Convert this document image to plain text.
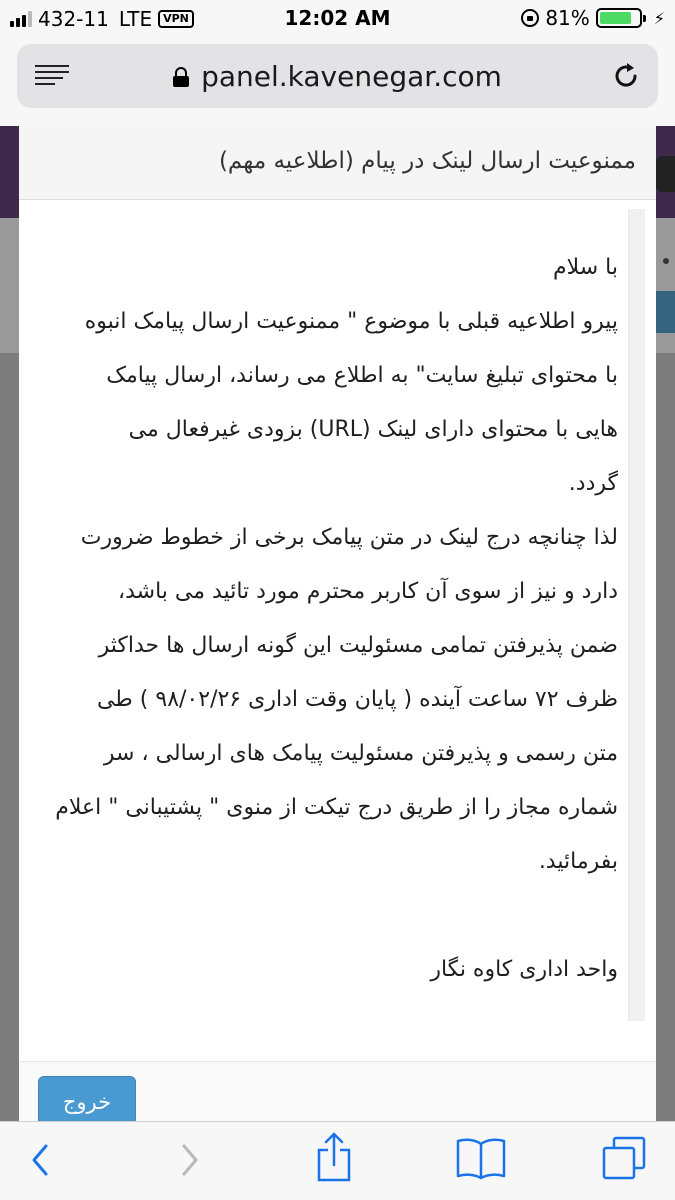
432-11 LTE	VPN	12:02 AM	81%	⚡
panel.kavenegar.com
ممنوعیت ارسال لینک در پیام (اطلاعیه مهم)
با سلام
پیرو اطلاعیه قبلی با موضوع " ممنوعیت ارسال پیامک انبوه
با محتوای تبلیغ سایت" به اطلاع می رساند، ارسال پیامک
هایی با محتوای دارای لینک (URL) بزودی غیرفعال می
گردد.
لذا چنانچه درج لینک در متن پیامک برخی از خطوط ضرورت
دارد و نیز از سوی آن کاربر محترم مورد تائید می باشد،
ضمن پذیرفتن تمامی مسئولیت این گونه ارسال ها حداکثر
ظرف ۷۲ ساعت آینده ( پایان وقت اداری ۹۸/۰۲/۲۶ ) طی
متن رسمی و پذیرفتن مسئولیت پیامک های ارسالی ، سر
شماره مجاز را از طریق درج تیکت از منوی " پشتیبانی " اعلام
بفرمائید.
واحد اداری کاوه نگار
خروج
